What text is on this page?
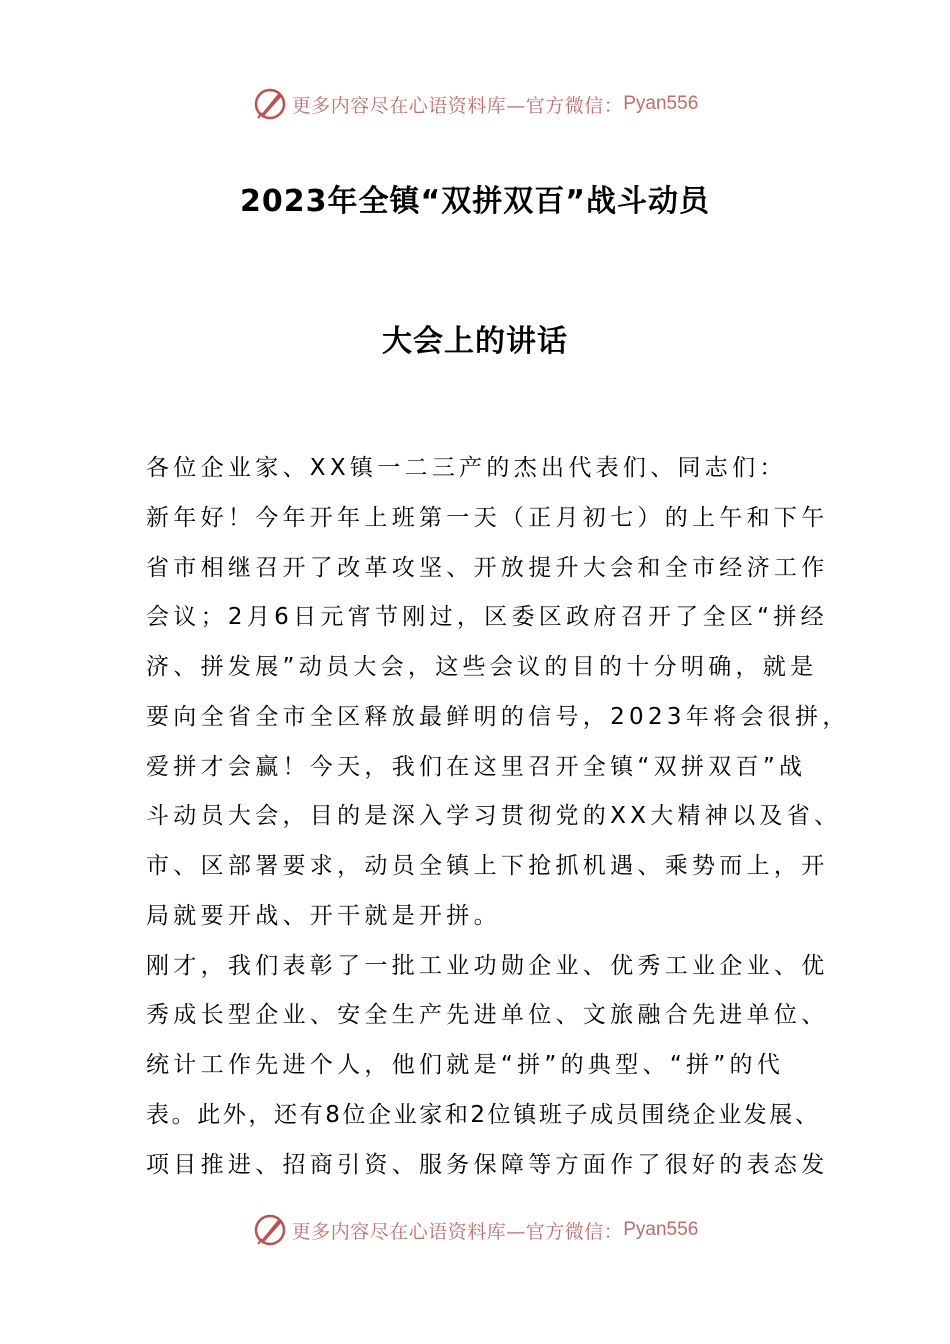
更多内容尽在心语资料库—官方微信： Pyan556
2023年全镇“双拼双百”战斗动员
大会上的讲话
各位企业家、XX镇一二三产的杰出代表们、同志们：
新年好！今年开年上班第一天（正月初七）的上午和下午
省市相继召开了改革攻坚、开放提升大会和全市经济工作
会议；2月6日元宵节刚过，区委区政府召开了全区“拼经
济、拼发展”动员大会，这些会议的目的十分明确，就是
要向全省全市全区释放最鲜明的信号，2023年将会很拼，
爱拼才会赢！今天，我们在这里召开全镇“双拼双百”战
斗动员大会，目的是深入学习贯彻党的XX大精神以及省、
市、区部署要求，动员全镇上下抢抓机遇、乘势而上，开
局就要开战、开干就是开拼。
刚才，我们表彰了一批工业功勋企业、优秀工业企业、优
秀成长型企业、安全生产先进单位、文旅融合先进单位、
统计工作先进个人，他们就是“拼”的典型、“拼”的代
表。此外，还有8位企业家和2位镇班子成员围绕企业发展、
项目推进、招商引资、服务保障等方面作了很好的表态发
更多内容尽在心语资料库—官方微信： Pyan556
